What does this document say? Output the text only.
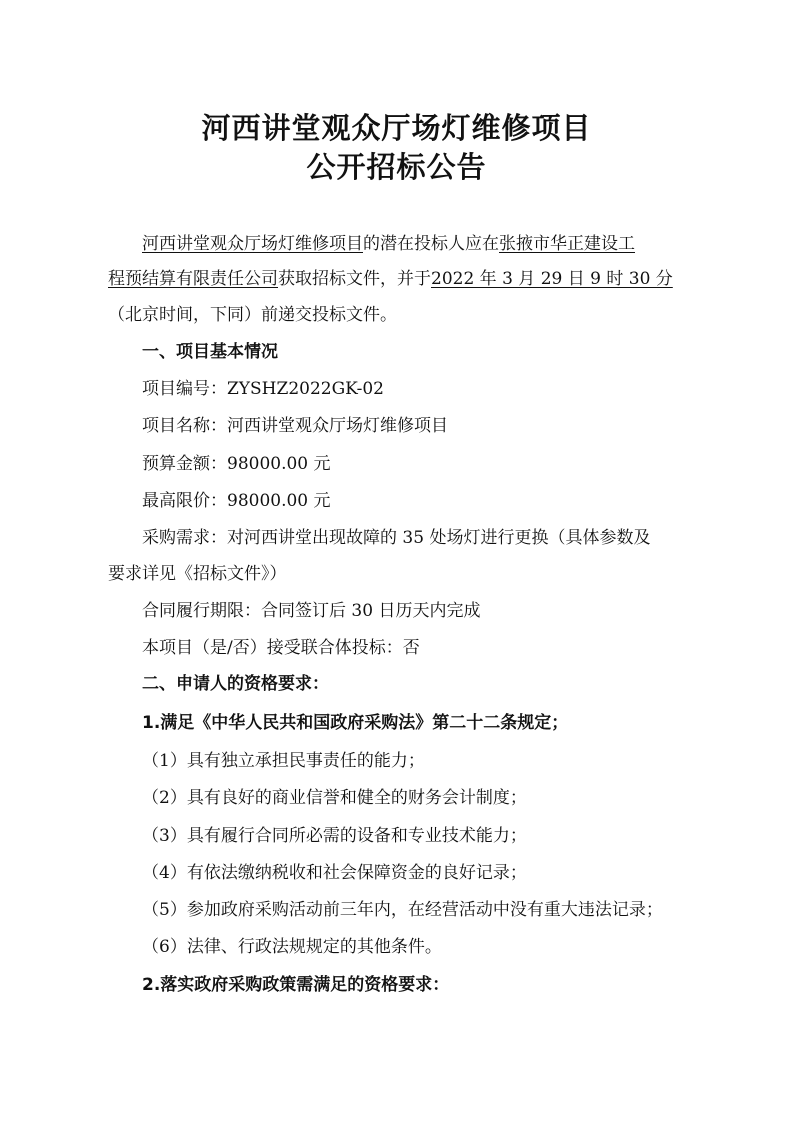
河西讲堂观众厅场灯维修项目
公开招标公告
河西讲堂观众厅场灯维修项目的潜在投标人应在张掖市华正建设工
程预结算有限责任公司获取招标文件，并于2022 年 3 月 29 日 9 时 30 分
（北京时间，下同）前递交投标文件。
一、项目基本情况
项目编号：ZYSHZ2022GK-02
项目名称：河西讲堂观众厅场灯维修项目
预算金额：98000.00 元
最高限价：98000.00 元
采购需求：对河西讲堂出现故障的 35 处场灯进行更换（具体参数及
要求详见《招标文件》）
合同履行期限：合同签订后 30 日历天内完成
本项目（是/否）接受联合体投标：否
二、申请人的资格要求：
1.满足《中华人民共和国政府采购法》第二十二条规定；
（1）具有独立承担民事责任的能力；
（2）具有良好的商业信誉和健全的财务会计制度；
（3）具有履行合同所必需的设备和专业技术能力；
（4）有依法缴纳税收和社会保障资金的良好记录；
（5）参加政府采购活动前三年内，在经营活动中没有重大违法记录；
（6）法律、行政法规规定的其他条件。
2.落实政府采购政策需满足的资格要求：
